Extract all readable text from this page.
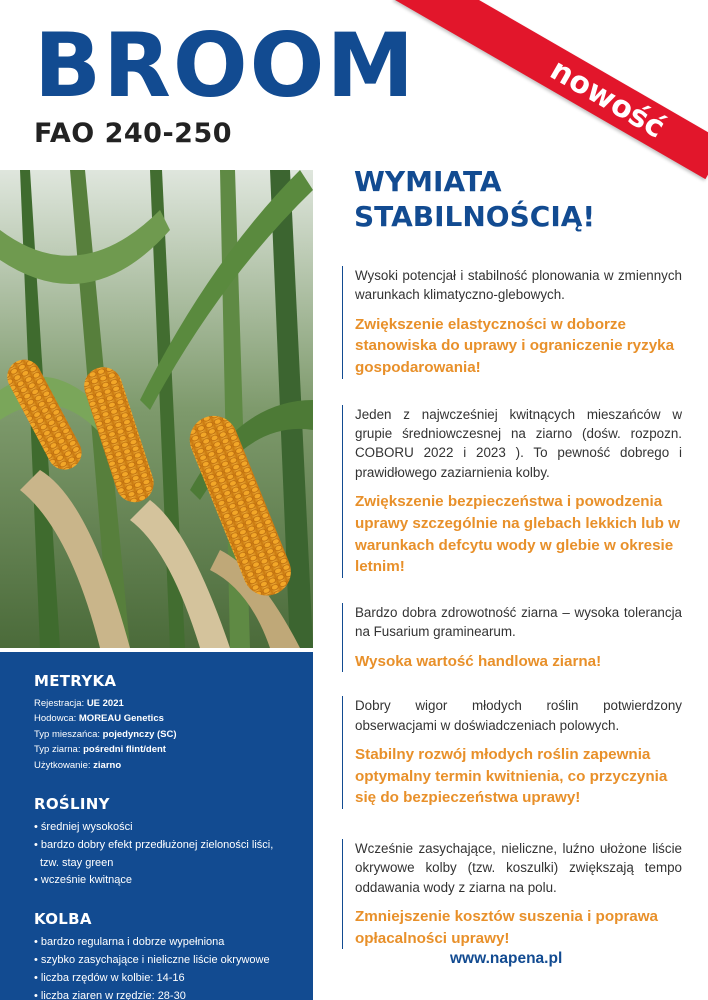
BROOM
FAO 240-250	nowość
WYMIATA
STABILNOŚCIĄ!

Wysoki potencjał i stabilność plonowania w zmiennych warunkach klimatyczno-glebowych.

Zwiększenie elastyczności w doborze stanowiska do uprawy i ograniczenie ryzyka gospodarowania!

Jeden z najwcześniej kwitnących mieszańców w grupie średniowczesnej na ziarno (dośw. rozpozn. COBORU 2022 i 2023 ). To pewność dobrego i prawidłowego zaziarnienia kolby.

Zwiększenie bezpieczeństwa i powodzenia uprawy szczególnie na glebach lekkich lub w warunkach defcytu wody w glebie w okresie letnim!

Bardzo dobra zdrowotność ziarna – wysoka tolerancja na Fusarium graminearum.

Wysoka wartość handlowa ziarna!

Dobry wigor młodych roślin potwierdzony obserwacjami w doświadczeniach polowych.

Stabilny rozwój młodych roślin zapewnia optymalny termin kwitnienia, co przyczynia się do bezpieczeństwa uprawy!

Wcześnie zasychające, nieliczne, luźno ułożone liście okrywowe kolby (tzw. koszulki) zwiększają tempo oddawania wody z ziarna na polu.

Zmniejszenie kosztów suszenia i poprawa opłacalności uprawy!

www.napena.pl
METRYKA
Rejestracja: UE 2021
Hodowca: MOREAU Genetics
Typ mieszańca: pojedynczy (SC)
Typ ziarna: pośredni flint/dent
Użytkowanie: ziarno
ROŚLINY
• średniej wysokości
• bardzo dobry efekt przedłużonej zieloności liści,
tzw. stay green
• wcześnie kwitnące
KOLBA
• bardzo regularna i dobrze wypełniona
• szybko zasychające i nieliczne liście okrywowe
• liczba rzędów w kolbie: 14-16
• liczba ziaren w rzędzie: 28-30
